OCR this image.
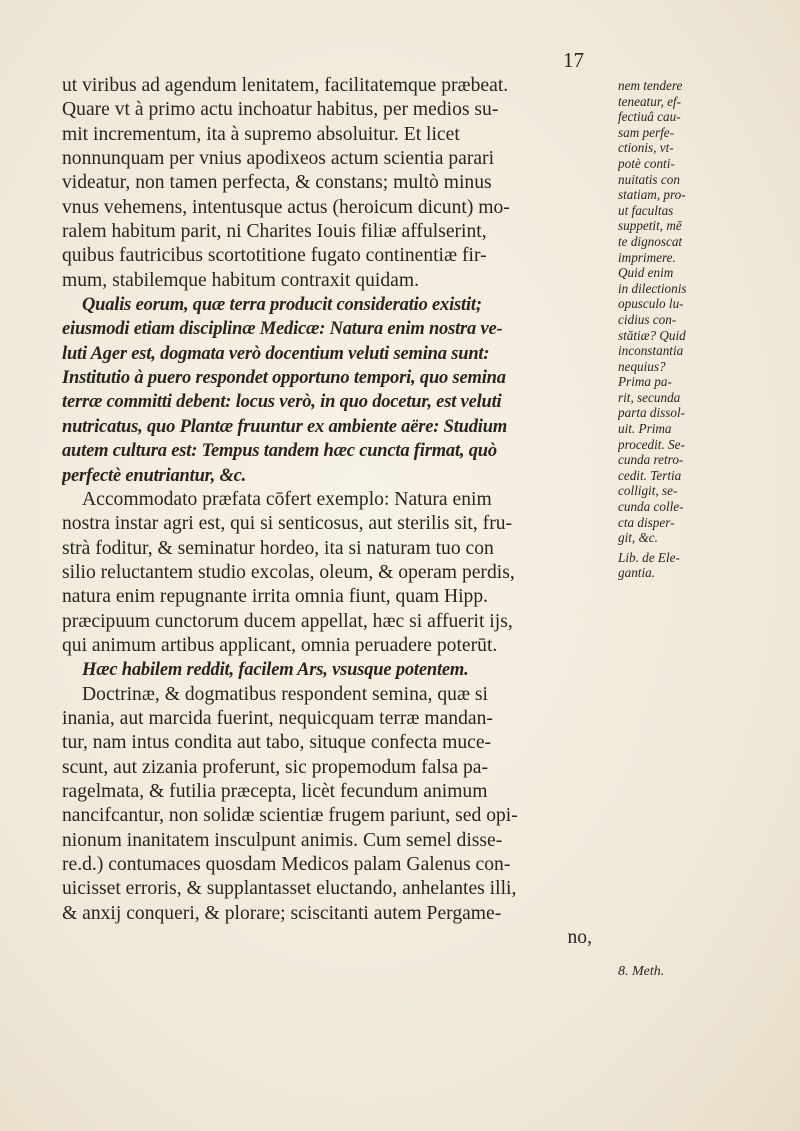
17
ut viribus ad agendum lenitatem, facilitatemque præbeat.
Quare vt à primo actu inchoatur habitus, per medios su-
mit incrementum, ita à supremo absoluitur. Et licet
nonnunquam per vnius apodixeos actum scientia parari
videatur, non tamen perfecta, & constans; multò minus
vnus vehemens, intentusque actus (heroicum dicunt) mo-
ralem habitum parit, ni Charites Iouis filiæ affulserint,
quibus fautricibus scortotitione fugato continentiæ fir-
mum, stabilemque habitum contraxit quidam.
Qualis eorum, quæ terra producit consideratio existit;
eiusmodi etiam disciplinæ Medicæ: Natura enim nostra ve-
luti Ager est, dogmata verò docentium veluti semina sunt:
Institutio à puero respondet opportuno tempori, quo semina
terræ committi debent: locus verò, in quo docetur, est veluti
nutricatus, quo Plantæ fruuntur ex ambiente aëre: Studium
autem cultura est: Tempus tandem hæc cuncta firmat, quò
perfectè enutriantur, &c.
Accommodato præfata cōfert exemplo: Natura enim
nostra instar agri est, qui si senticosus, aut sterilis sit, fru-
strà foditur, & seminatur hordeo, ita si naturam tuo con
silio reluctantem studio excolas, oleum, & operam perdis,
natura enim repugnante irrita omnia fiunt, quam Hipp.
præcipuum cunctorum ducem appellat, hæc si affuerit ijs,
qui animum artibus applicant, omnia peruadere poterūt.
Hæc habilem reddit, facilem Ars, vsusque potentem.
Doctrinæ, & dogmatibus respondent semina, quæ si
inania, aut marcida fuerint, nequicquam terræ mandan-
tur, nam intus condita aut tabo, situque confecta muce-
scunt, aut zizania proferunt, sic propemodum falsa pa-
ragelmata, & futilia præcepta, licèt fecundum animum
nancifcantur, non solidæ scientiæ frugem pariunt, sed opi-
nionum inanitatem insculpunt animis. Cum semel disse-
re.d.) contumaces quosdam Medicos palam Galenus con-
uicisset erroris, & supplantasset eluctando, anhelantes illi,
& anxij conqueri, & plorare; sciscitanti autem Pergame-
no,
nem tendere
teneatur, ef-
fectiuâ cau-
sam perfe-
ctionis, vt-
potè conti-
nuitatis con
statiam, pro-
ut facultas
suppetit, mē
te dignoscat
imprimere.
Quid enim
in dilectionis
opusculo lu-
cidius con-
stătiæ? Quid
inconstantia
nequius?
Prima pa-
rit, secunda
parta dissol-
uit. Prima
procedit. Se-
cunda retro-
cedit. Tertia
colligit, se-
cunda colle-
cta disper-
git, &c.
Lib. de Ele-
gantia.
8. Meth.
